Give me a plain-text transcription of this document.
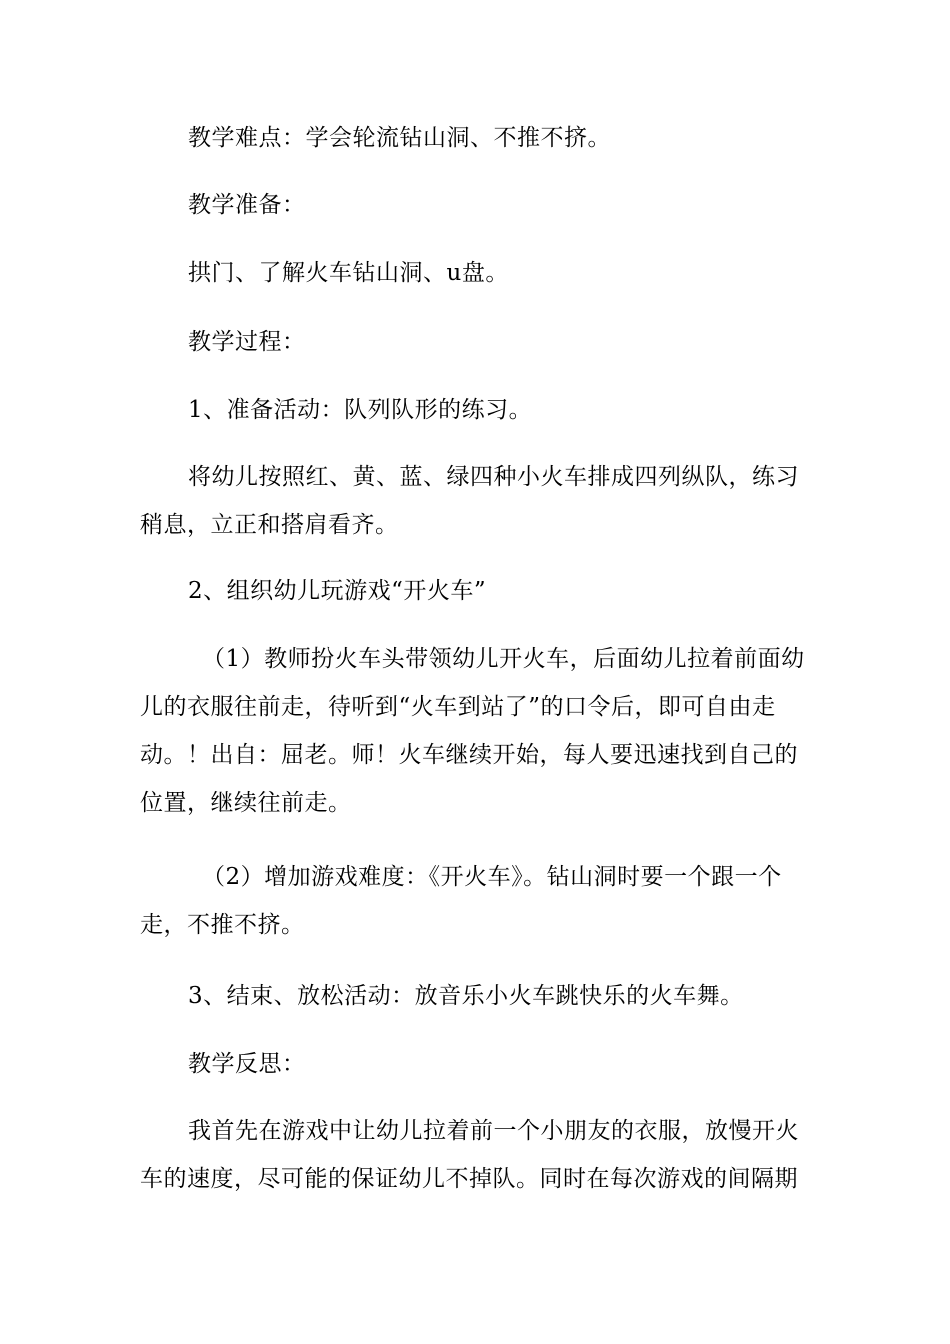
教学难点：学会轮流钻山洞、不推不挤。

教学准备：

拱门、了解火车钻山洞、u盘。

教学过程：

1、准备活动：队列队形的练习。

将幼儿按照红、黄、蓝、绿四种小火车排成四列纵队，练习稍息，立正和搭肩看齐。

2、组织幼儿玩游戏“开火车”

（1）教师扮火车头带领幼儿开火车，后面幼儿拉着前面幼儿的衣服往前走，待听到“火车到站了”的口令后，即可自由走动。！出自：屈老。师！火车继续开始，每人要迅速找到自己的位置，继续往前走。

（2）增加游戏难度：《开火车》。钻山洞时要一个跟一个走，不推不挤。

3、结束、放松活动：放音乐小火车跳快乐的火车舞。

教学反思：

我首先在游戏中让幼儿拉着前一个小朋友的衣服，放慢开火车的速度，尽可能的保证幼儿不掉队。同时在每次游戏的间隔期
